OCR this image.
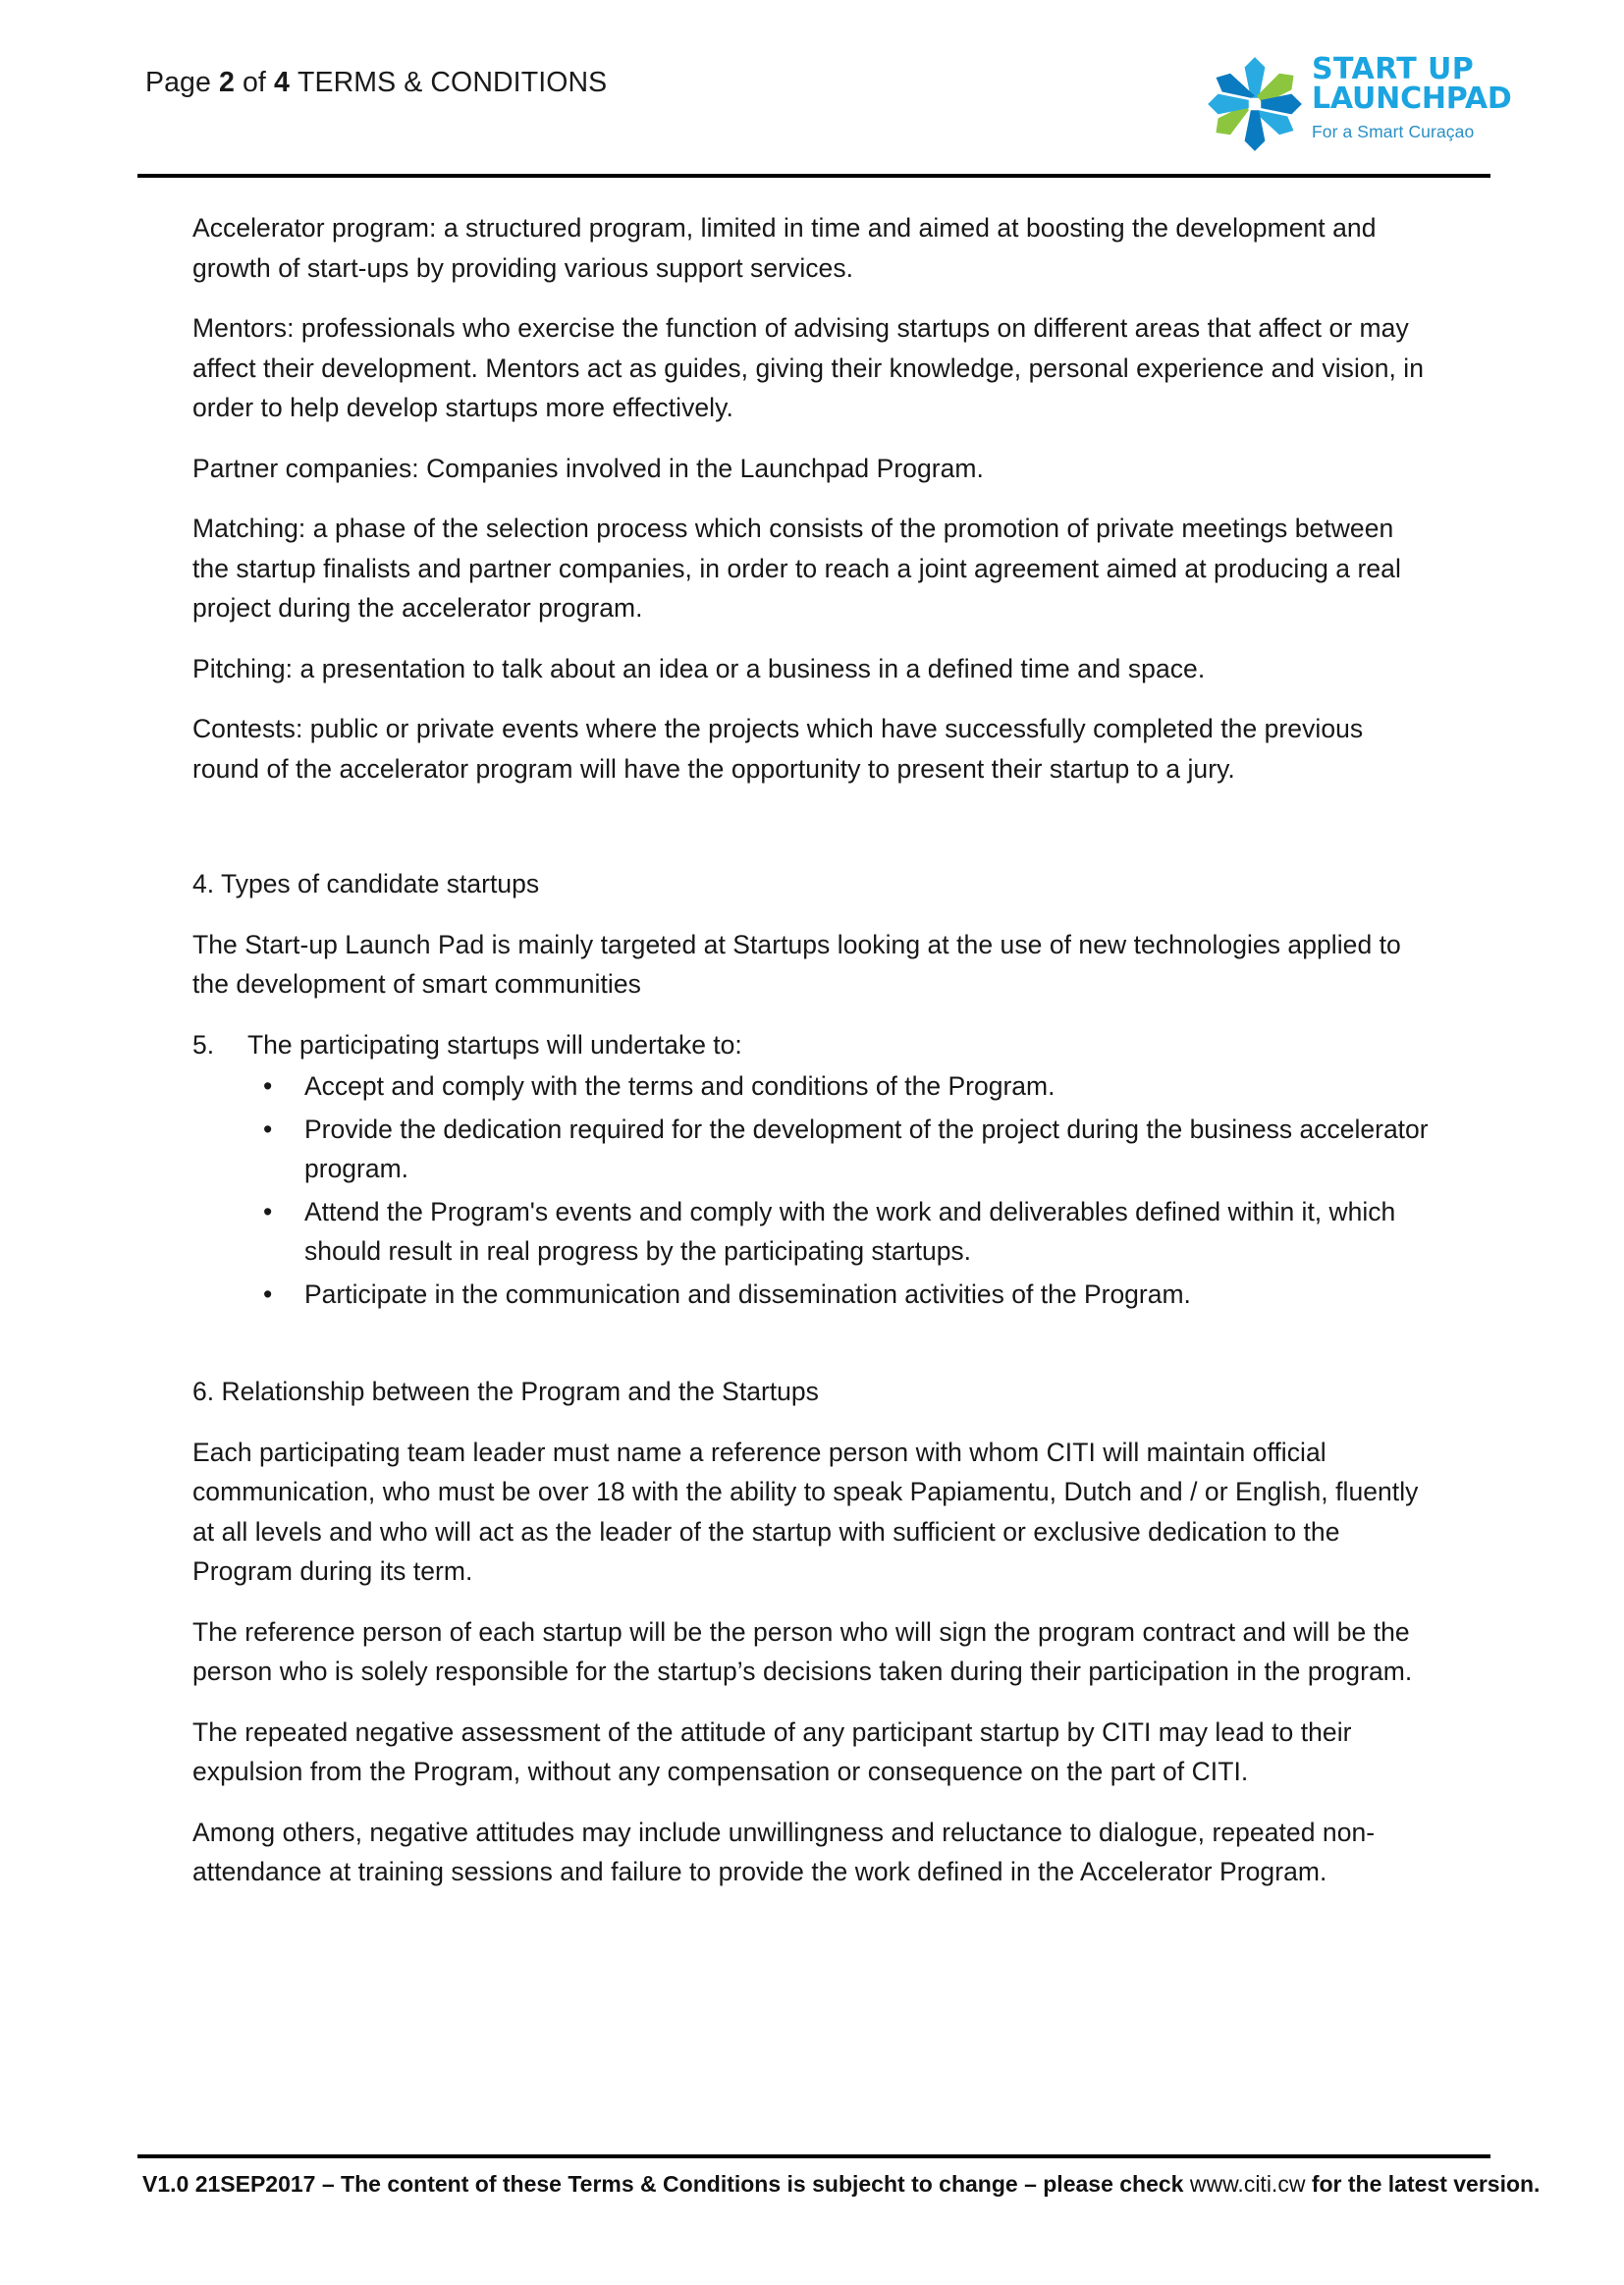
Page 2 of 4 TERMS & CONDITIONS	START UP
LAUNCHPAD
For a Smart Curaçao

Accelerator program: a structured program, limited in time and aimed at boosting the development and growth of start-ups by providing various support services.

Mentors: professionals who exercise the function of advising startups on different areas that affect or may affect their development. Mentors act as guides, giving their knowledge, personal experience and vision, in order to help develop startups more effectively.

Partner companies: Companies involved in the Launchpad Program.

Matching: a phase of the selection process which consists of the promotion of private meetings between the startup finalists and partner companies, in order to reach a joint agreement aimed at producing a real project during the accelerator program.

Pitching: a presentation to talk about an idea or a business in a defined time and space.

Contests: public or private events where the projects which have successfully completed the previous round of the accelerator program will have the opportunity to present their startup to a jury.

4. Types of candidate startups

The Start-up Launch Pad is mainly targeted at Startups looking at the use of new technologies applied to the development of smart communities

5. The participating startups will undertake to:
• Accept and comply with the terms and conditions of the Program.
• Provide the dedication required for the development of the project during the business accelerator program.
• Attend the Program's events and comply with the work and deliverables defined within it, which should result in real progress by the participating startups.
• Participate in the communication and dissemination activities of the Program.

6. Relationship between the Program and the Startups

Each participating team leader must name a reference person with whom CITI will maintain official communication, who must be over 18 with the ability to speak Papiamentu, Dutch and / or English, fluently at all levels and who will act as the leader of the startup with sufficient or exclusive dedication to the Program during its term.

The reference person of each startup will be the person who will sign the program contract and will be the person who is solely responsible for the startup’s decisions taken during their participation in the program.

The repeated negative assessment of the attitude of any participant startup by CITI may lead to their expulsion from the Program, without any compensation or consequence on the part of CITI.

Among others, negative attitudes may include unwillingness and reluctance to dialogue, repeated non-attendance at training sessions and failure to provide the work defined in the Accelerator Program.

V1.0 21SEP2017 – The content of these Terms & Conditions is subjecht to change – please check www.citi.cw for the latest version.
